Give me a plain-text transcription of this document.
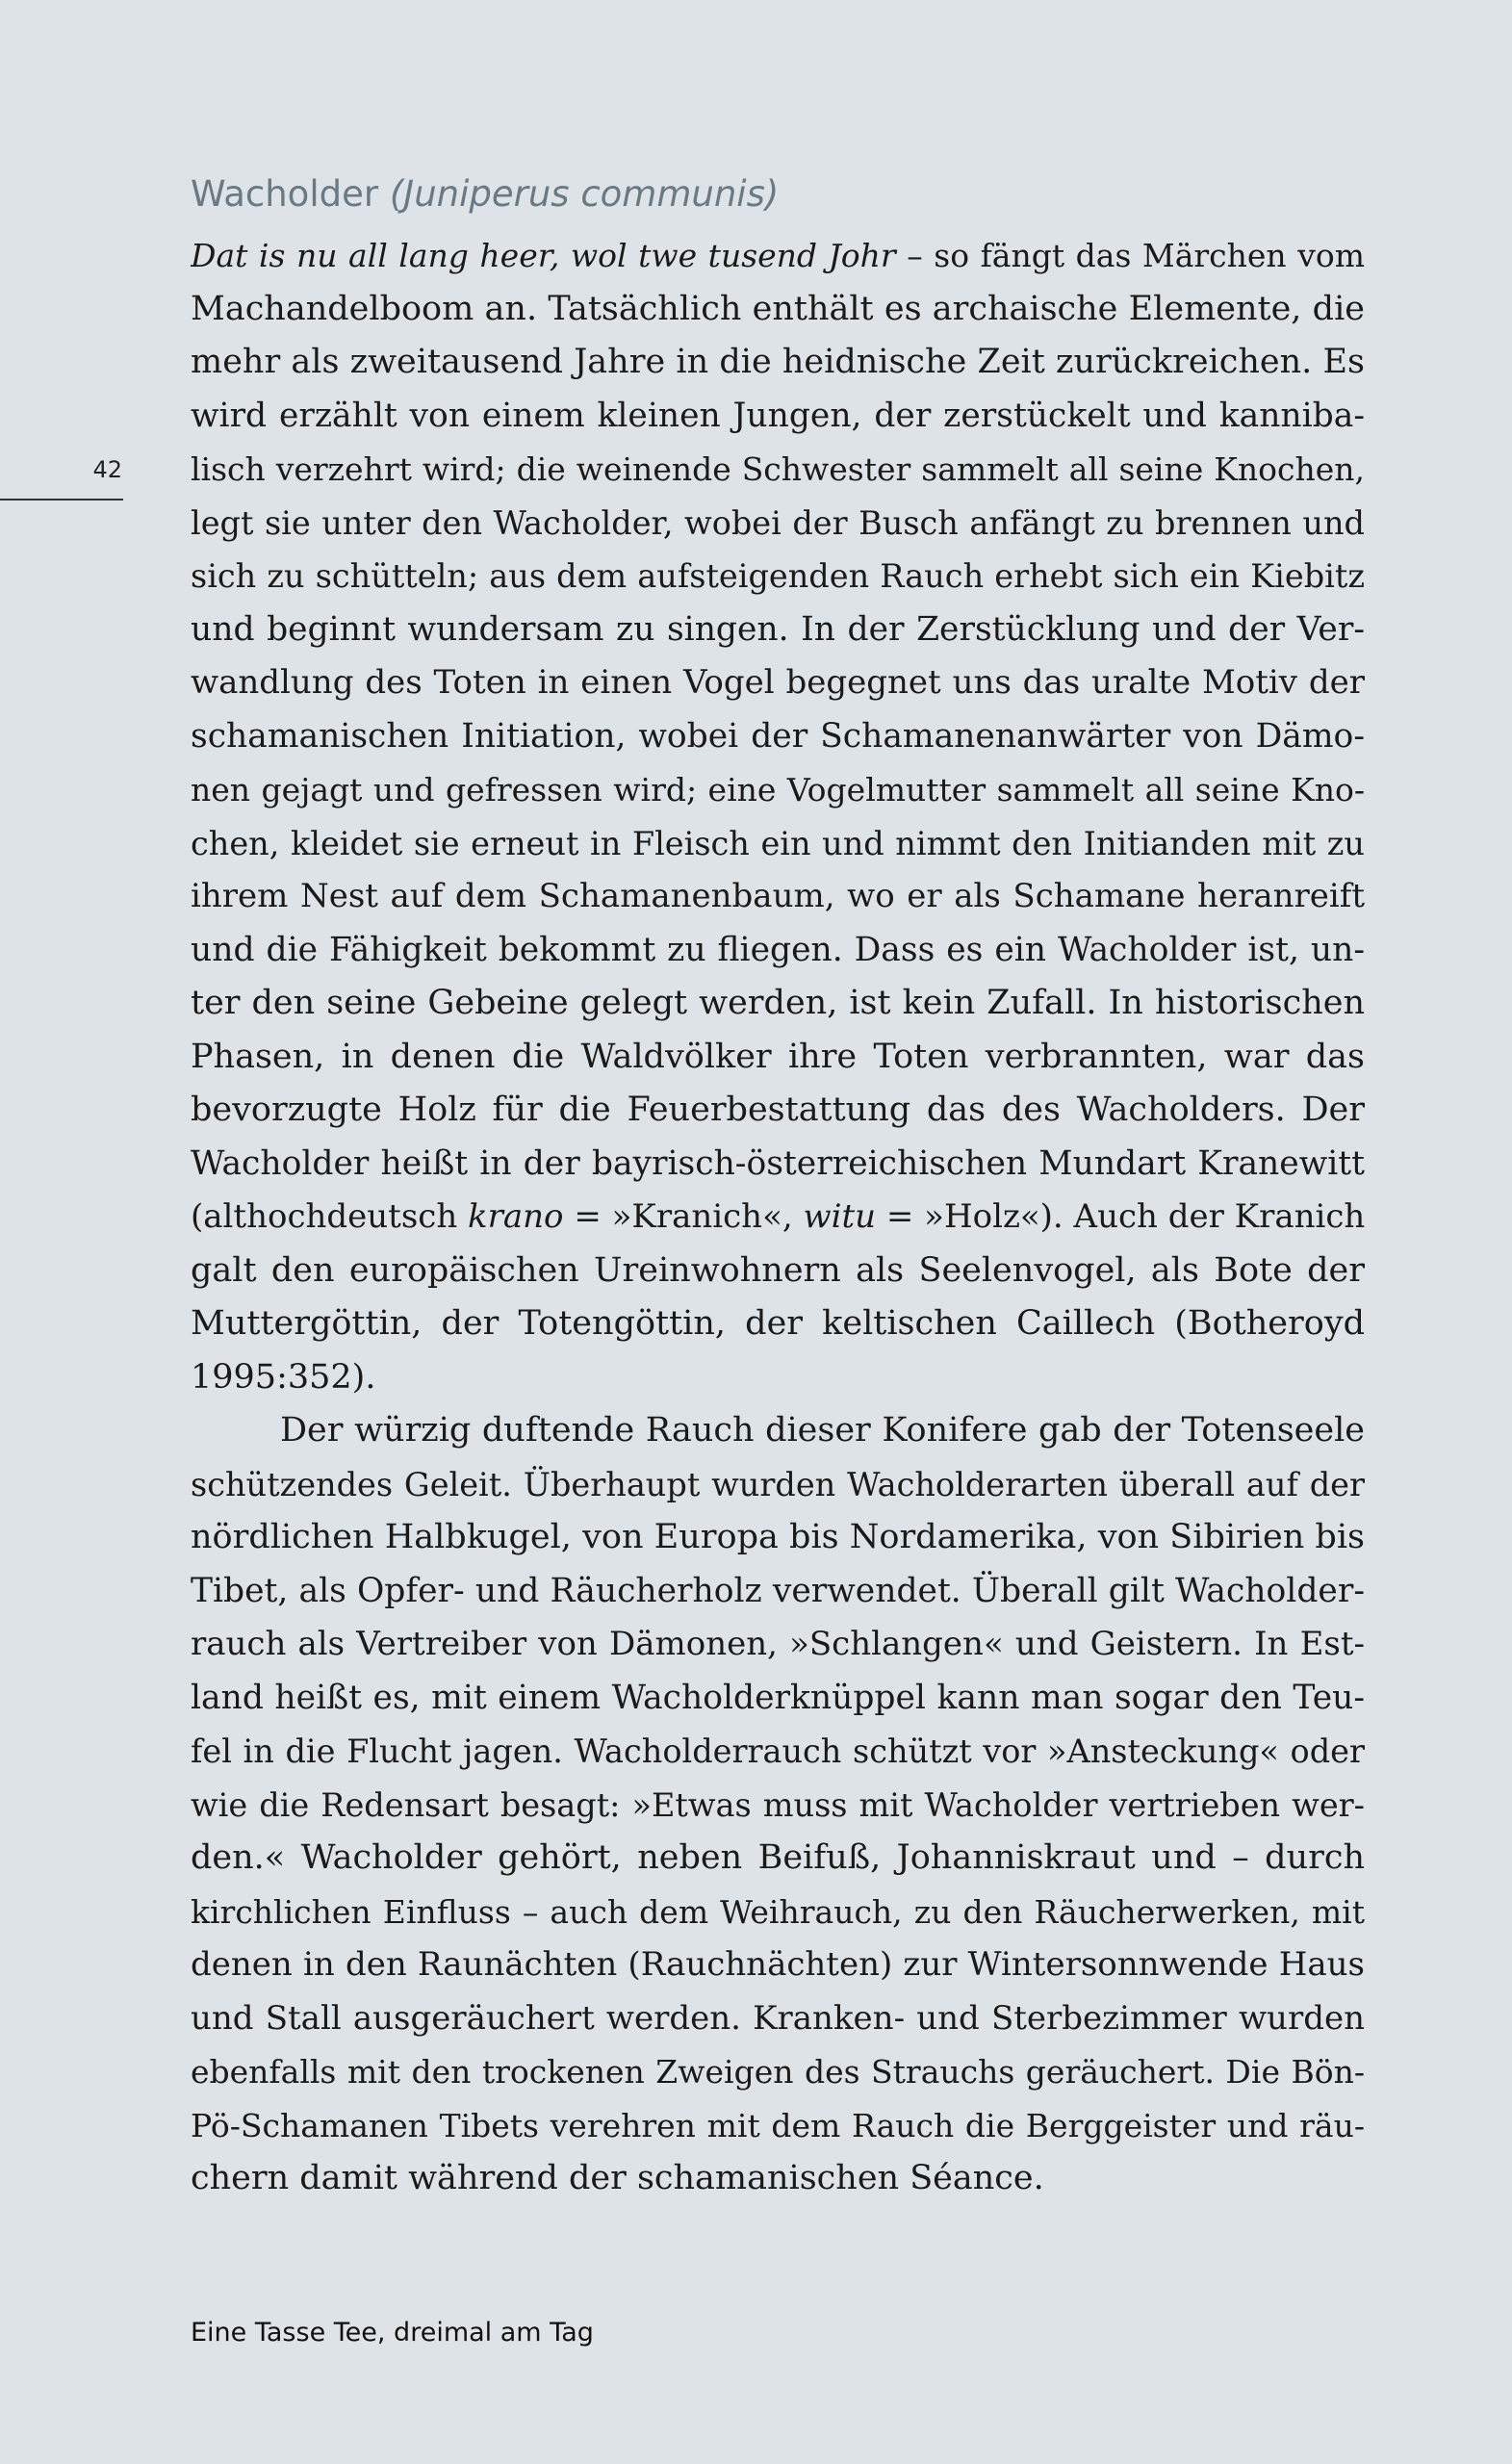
42
Wacholder (Juniperus communis)
Dat is nu all lang heer, wol twe tusend Johr – so fängt das Märchen vom
Machandelboom an. Tatsächlich enthält es archaische Elemente, die
mehr als zweitausend Jahre in die heidnische Zeit zurückreichen. Es
wird erzählt von einem kleinen Jungen, der zerstückelt und kanniba-
lisch verzehrt wird; die weinende Schwester sammelt all seine Knochen,
legt sie unter den Wacholder, wobei der Busch anfängt zu brennen und
sich zu schütteln; aus dem aufsteigenden Rauch erhebt sich ein Kiebitz
und beginnt wundersam zu singen. In der Zerstücklung und der Ver-
wandlung des Toten in einen Vogel begegnet uns das uralte Motiv der
schamanischen Initiation, wobei der Schamanenanwärter von Dämo-
nen gejagt und gefressen wird; eine Vogelmutter sammelt all seine Kno-
chen, kleidet sie erneut in Fleisch ein und nimmt den Initianden mit zu
ihrem Nest auf dem Schamanenbaum, wo er als Schamane heranreift
und die Fähigkeit bekommt zu fliegen. Dass es ein Wacholder ist, un-
ter den seine Gebeine gelegt werden, ist kein Zufall. In historischen
Phasen, in denen die Waldvölker ihre Toten verbrannten, war das
bevorzugte Holz für die Feuerbestattung das des Wacholders. Der
Wacholder heißt in der bayrisch-österreichischen Mundart Kranewitt
(althochdeutsch krano = »Kranich«, witu = »Holz«). Auch der Kranich
galt den europäischen Ureinwohnern als Seelenvogel, als Bote der
Muttergöttin, der Totengöttin, der keltischen Caillech (Botheroyd
1995:352).
Der würzig duftende Rauch dieser Konifere gab der Totenseele
schützendes Geleit. Überhaupt wurden Wacholderarten überall auf der
nördlichen Halbkugel, von Europa bis Nordamerika, von Sibirien bis
Tibet, als Opfer- und Räucherholz verwendet. Überall gilt Wacholder-
rauch als Vertreiber von Dämonen, »Schlangen« und Geistern. In Est-
land heißt es, mit einem Wacholderknüppel kann man sogar den Teu-
fel in die Flucht jagen. Wacholderrauch schützt vor »Ansteckung« oder
wie die Redensart besagt: »Etwas muss mit Wacholder vertrieben wer-
den.« Wacholder gehört, neben Beifuß, Johanniskraut und – durch
kirchlichen Einfluss – auch dem Weihrauch, zu den Räucherwerken, mit
denen in den Raunächten (Rauchnächten) zur Wintersonnwende Haus
und Stall ausgeräuchert werden. Kranken- und Sterbezimmer wurden
ebenfalls mit den trockenen Zweigen des Strauchs geräuchert. Die Bön-
Pö-Schamanen Tibets verehren mit dem Rauch die Berggeister und räu-
chern damit während der schamanischen Séance.
Eine Tasse Tee, dreimal am Tag
